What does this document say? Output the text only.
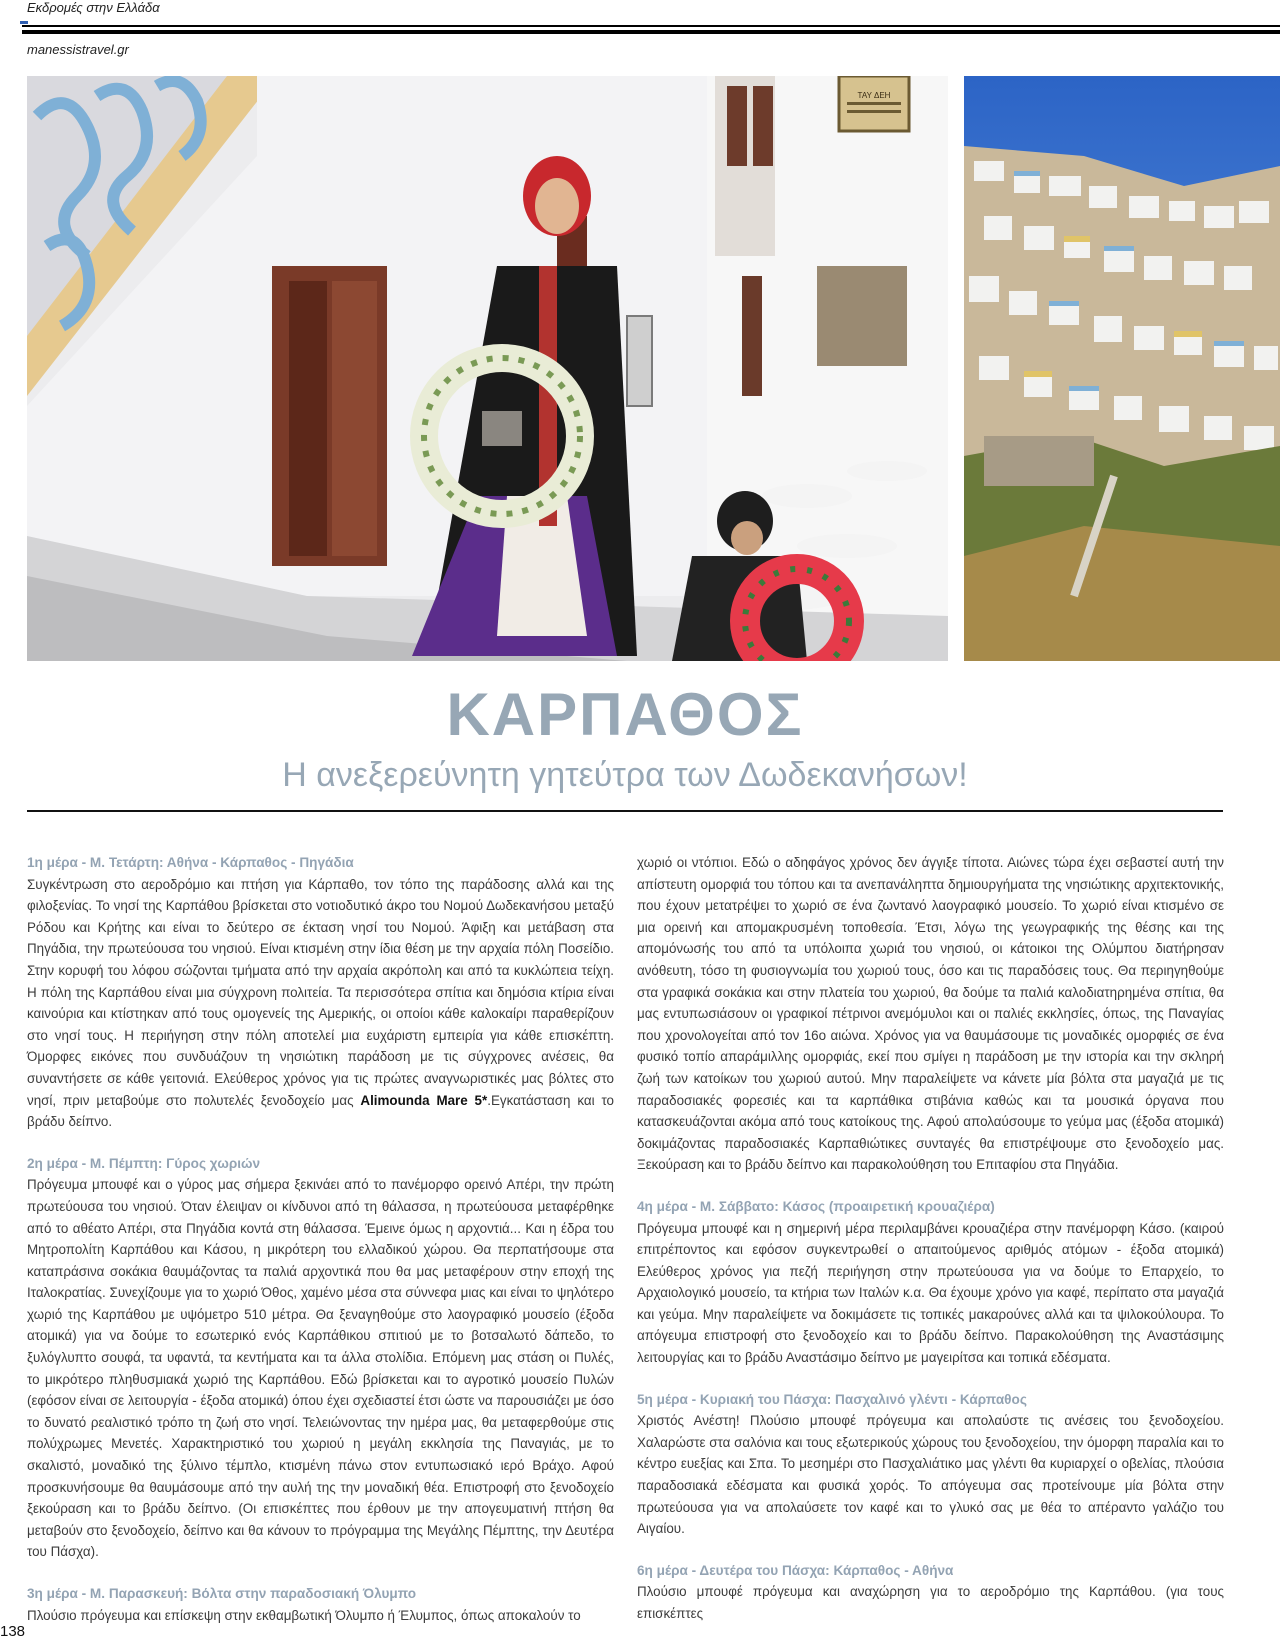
Εκδρομές στην Ελλάδα
manessistravel.gr
TAY ΔΕΗ
ΚΑΡΠΑΘΟΣ
Η ανεξερεύνητη γητεύτρα των Δωδεκανήσων!

1η μέρα - Μ. Τετάρτη: Αθήνα - Κάρπαθος - Πηγάδια

Συγκέντρωση στο αεροδρόμιο και πτήση για Κάρπαθο, τον τόπο της παράδοσης αλλά και της φιλοξενίας. Το νησί της Καρπάθου βρίσκεται στο νοτιοδυτικό άκρο του Νομού Δωδεκανήσου μεταξύ Ρόδου και Κρήτης και είναι το δεύτερο σε έκταση νησί του Νομού. Άφιξη και μετάβαση στα Πηγάδια, την πρωτεύουσα του νησιού. Είναι κτισμένη στην ίδια θέση με την αρχαία πόλη Ποσείδιο. Στην κορυφή του λόφου σώζονται τμήματα από την αρχαία ακρόπολη και από τα κυκλώπεια τείχη. Η πόλη της Καρπάθου είναι μια σύγχρονη πολιτεία. Τα περισσότερα σπίτια και δημόσια κτίρια είναι καινούρια και κτίστηκαν από τους ομογενείς της Αμερικής, οι οποίοι κάθε καλοκαίρι παραθερίζουν στο νησί τους. Η περιήγηση στην πόλη αποτελεί μια ευχάριστη εμπειρία για κάθε επισκέπτη. Όμορφες εικόνες που συνδυάζουν τη νησιώτικη παράδοση με τις σύγχρονες ανέσεις, θα συναντήσετε σε κάθε γειτονιά. Ελεύθερος χρόνος για τις πρώτες αναγνωριστικές μας βόλτες στο νησί, πριν μεταβούμε στο πολυτελές ξενοδοχείο μας Alimounda Mare 5*.Εγκατάσταση και το βράδυ δείπνο.

2η μέρα - Μ. Πέμπτη: Γύρος χωριών

Πρόγευμα μπουφέ και ο γύρος μας σήμερα ξεκινάει από το πανέμορφο ορεινό Απέρι, την πρώτη πρωτεύουσα του νησιού. Όταν έλειψαν οι κίνδυνοι από τη θάλασσα, η πρωτεύουσα μεταφέρθηκε από το αθέατο Απέρι, στα Πηγάδια κοντά στη θάλασσα. Έμεινε όμως η αρχοντιά... Και η έδρα του Μητροπολίτη Καρπάθου και Κάσου, η μικρότερη του ελλαδικού χώρου. Θα περπατήσουμε στα καταπράσινα σοκάκια θαυμάζοντας τα παλιά αρχοντικά που θα μας μεταφέρουν στην εποχή της Ιταλοκρατίας. Συνεχίζουμε για το χωριό Όθος, χαμένο μέσα στα σύννεφα μιας και είναι το ψηλότερο χωριό της Καρπάθου με υψόμετρο 510 μέτρα. Θα ξεναγηθούμε στο λαογραφικό μουσείο (έξοδα ατομικά) για να δούμε το εσωτερικό ενός Καρπάθικου σπιτιού με το βοτσαλωτό δάπεδο, το ξυλόγλυπτο σουφά, τα υφαντά, τα κεντήματα και τα άλλα στολίδια. Επόμενη μας στάση οι Πυλές, το μικρότερο πληθυσμιακά χωριό της Καρπάθου. Εδώ βρίσκεται και το αγροτικό μουσείο Πυλών (εφόσον είναι σε λειτουργία - έξοδα ατομικά) όπου έχει σχεδιαστεί έτσι ώστε να παρουσιάζει με όσο το δυνατό ρεαλιστικό τρόπο τη ζωή στο νησί. Τελειώνοντας την ημέρα μας, θα μεταφερθούμε στις πολύχρωμες Μενετές. Χαρακτηριστικό του χωριού η μεγάλη εκκλησία της Παναγιάς, με το σκαλιστό, μοναδικό της ξύλινο τέμπλο, κτισμένη πάνω στον εντυπωσιακό ιερό Βράχο. Αφού προσκυνήσουμε θα θαυμάσουμε από την αυλή της την μοναδική θέα. Επιστροφή στο ξενοδοχείο ξεκούραση και το βράδυ δείπνο. (Οι επισκέπτες που έρθουν με την απογευματινή πτήση θα μεταβούν στο ξενοδοχείο, δείπνο και θα κάνουν το πρόγραμμα της Μεγάλης Πέμπτης, την Δευτέρα του Πάσχα).

3η μέρα - Μ. Παρασκευή: Βόλτα στην παραδοσιακή Όλυμπο

Πλούσιο πρόγευμα και επίσκεψη στην εκθαμβωτική Όλυμπο ή Έλυμπος, όπως αποκαλούν το

χωριό οι ντόπιοι. Εδώ ο αδηφάγος χρόνος δεν άγγιξε τίποτα. Αιώνες τώρα έχει σεβαστεί αυτή την απίστευτη ομορφιά του τόπου και τα ανεπανάληπτα δημιουργήματα της νησιώτικης αρχιτεκτονικής, που έχουν μετατρέψει το χωριό σε ένα ζωντανό λαογραφικό μουσείο. Το χωριό είναι κτισμένο σε μια ορεινή και απομακρυσμένη τοποθεσία. Έτσι, λόγω της γεωγραφικής της θέσης και της απομόνωσής του από τα υπόλοιπα χωριά του νησιού, οι κάτοικοι της Ολύμπου διατήρησαν ανόθευτη, τόσο τη φυσιογνωμία του χωριού τους, όσο και τις παραδόσεις τους. Θα περιηγηθούμε στα γραφικά σοκάκια και στην πλατεία του χωριού, θα δούμε τα παλιά καλοδιατηρημένα σπίτια, θα μας εντυπωσιάσουν οι γραφικοί πέτρινοι ανεμόμυλοι και οι παλιές εκκλησίες, όπως, της Παναγίας που χρονολογείται από τον 16ο αιώνα. Χρόνος για να θαυμάσουμε τις μοναδικές ομορφιές σε ένα φυσικό τοπίο απαράμιλλης ομορφιάς, εκεί που σμίγει η παράδοση με την ιστορία και την σκληρή ζωή των κατοίκων του χωριού αυτού. Μην παραλείψετε να κάνετε μία βόλτα στα μαγαζιά με τις παραδοσιακές φορεσιές και τα καρπάθικα στιβάνια καθώς και τα μουσικά όργανα που κατασκευάζονται ακόμα από τους κατοίκους της. Αφού απολαύσουμε το γεύμα μας (έξοδα ατομικά) δοκιμάζοντας παραδοσιακές Καρπαθιώτικες συνταγές θα επιστρέψουμε στο ξενοδοχείο μας. Ξεκούραση και το βράδυ δείπνο και παρακολούθηση του Επιταφίου στα Πηγάδια.

4η μέρα - Μ. Σάββατο: Κάσος (προαιρετική κρουαζιέρα)

Πρόγευμα μπουφέ και η σημερινή μέρα περιλαμβάνει κρουαζιέρα στην πανέμορφη Κάσο. (καιρού επιτρέποντος και εφόσον συγκεντρωθεί ο απαιτούμενος αριθμός ατόμων - έξοδα ατομικά) Ελεύθερος χρόνος για πεζή περιήγηση στην πρωτεύουσα για να δούμε το Επαρχείο, το Αρχαιολογικό μουσείο, τα κτήρια των Ιταλών κ.α. Θα έχουμε χρόνο για καφέ, περίπατο στα μαγαζιά και γεύμα. Μην παραλείψετε να δοκιμάσετε τις τοπικές μακαρούνες αλλά και τα ψιλοκούλουρα. Το απόγευμα επιστροφή στο ξενοδοχείο και το βράδυ δείπνο. Παρακολούθηση της Αναστάσιμης λειτουργίας και το βράδυ Αναστάσιμο δείπνο με μαγειρίτσα και τοπικά εδέσματα.

5η μέρα - Κυριακή του Πάσχα: Πασχαλινό γλέντι - Κάρπαθος

Χριστός Ανέστη! Πλούσιο μπουφέ πρόγευμα και απολαύστε τις ανέσεις του ξενοδοχείου. Χαλαρώστε στα σαλόνια και τους εξωτερικούς χώρους του ξενοδοχείου, την όμορφη παραλία και το κέντρο ευεξίας και Σπα. Το μεσημέρι στο Πασχαλιάτικο μας γλέντι θα κυριαρχεί ο οβελίας, πλούσια παραδοσιακά εδέσματα και φυσικά χορός. Το απόγευμα σας προτείνουμε μία βόλτα στην πρωτεύουσα για να απολαύσετε τον καφέ και το γλυκό σας με θέα το απέραντο γαλάζιο του Αιγαίου.

6η μέρα - Δευτέρα του Πάσχα: Κάρπαθος - Αθήνα

Πλούσιο μπουφέ πρόγευμα και αναχώρηση για το αεροδρόμιο της Καρπάθου. (για τους επισκέπτες

138
